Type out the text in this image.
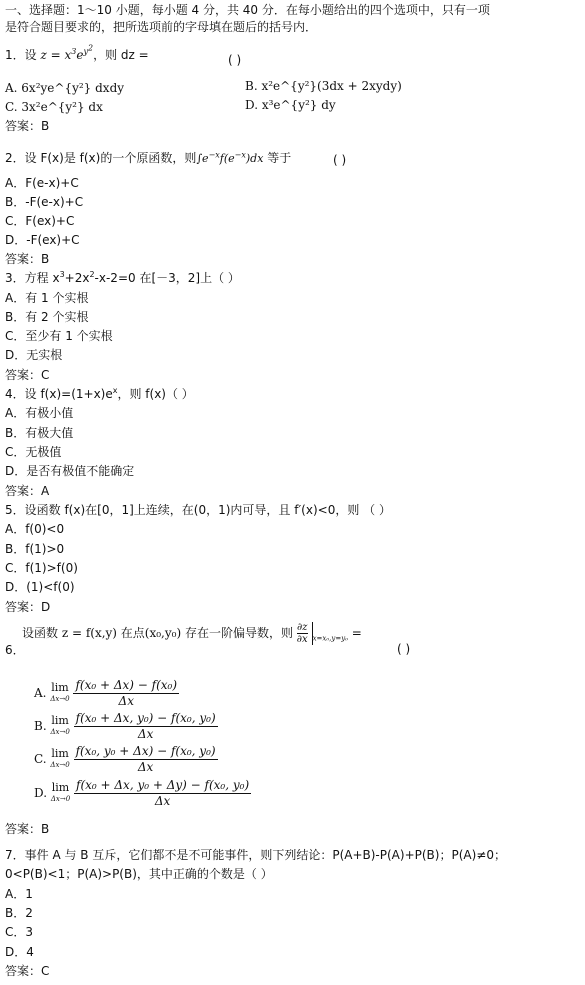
一、选择题：1～10 小题，每小题 4 分，共 40 分．在每小题给出的四个选项中，只有一项
是符合题目要求的，把所选项前的字母填在题后的括号内．
1．设 $z = x^3e^{y^2}$，则 dz =	( )
A. 6x²ye^{y²} dxdy	B. x²e^{y²}(3dx + 2xydy)
C. 3x²e^{y²} dx	D. x³e^{y²} dy
答案：B
2．设 F(x)是 f(x)的一个原函数，则$\int e^{-x}f(e^{-x})dx$ 等于	( )
A．F(e-x)+C
B．-F(e-x)+C
C．F(ex)+C
D．-F(ex)+C
答案：B
3．方程 $x^3+2x^2-x-2=0$ 在[－3，2]上（ ）
A．有 1 个实根
B．有 2 个实根
C．至少有 1 个实根
D．无实根
答案：C
4．设 $f(x)=(1+x)e^x$，则 f(x)（ ）
A．有极小值
B．有极大值
C．无极值
D．是否有极值不能确定
答案：A
5．设函数 f(x)在[0，1]上连续，在(0，1)内可导，且 f′(x)<0，则 （ ）
A．f(0)<0
B．f(1)>0
C．f(1)>f(0)
D．(1)<f(0)
答案：D
设函数 z = f(x,y) 在点(x₀,y₀) 存在一阶偏导数，则 $\frac{\partial z}{\partial x} _{x=x_0,y=y_0}$ =
6．	( )
A. lim
$\Delta x\to 0 \frac{\text{f(x₀ + Δx) − f(x₀)}}{\Delta x}$
B. lim
$\Delta x\to 0 \frac{\text{f(x₀ + Δx, y₀) − f(x₀, y₀)}}{\Delta x}$
C. lim
$\Delta x\to 0 \frac{\text{f(x₀, y₀ + Δx) − f(x₀, y₀)}}{\Delta x}$
D. lim
$\Delta x\to 0 \frac{\text{f(x₀ + Δx, y₀ + Δy) − f(x₀, y₀)}}{\Delta x}$
答案：B
7．事件 A 与 B 互斥，它们都不是不可能事件，则下列结论：P(A+B)-P(A)+P(B)；P(A)≠0；
0<P(B)<1；P(A)>P(B)，其中正确的个数是（ ）
A．1
B．2
C．3
D．4
答案：C
